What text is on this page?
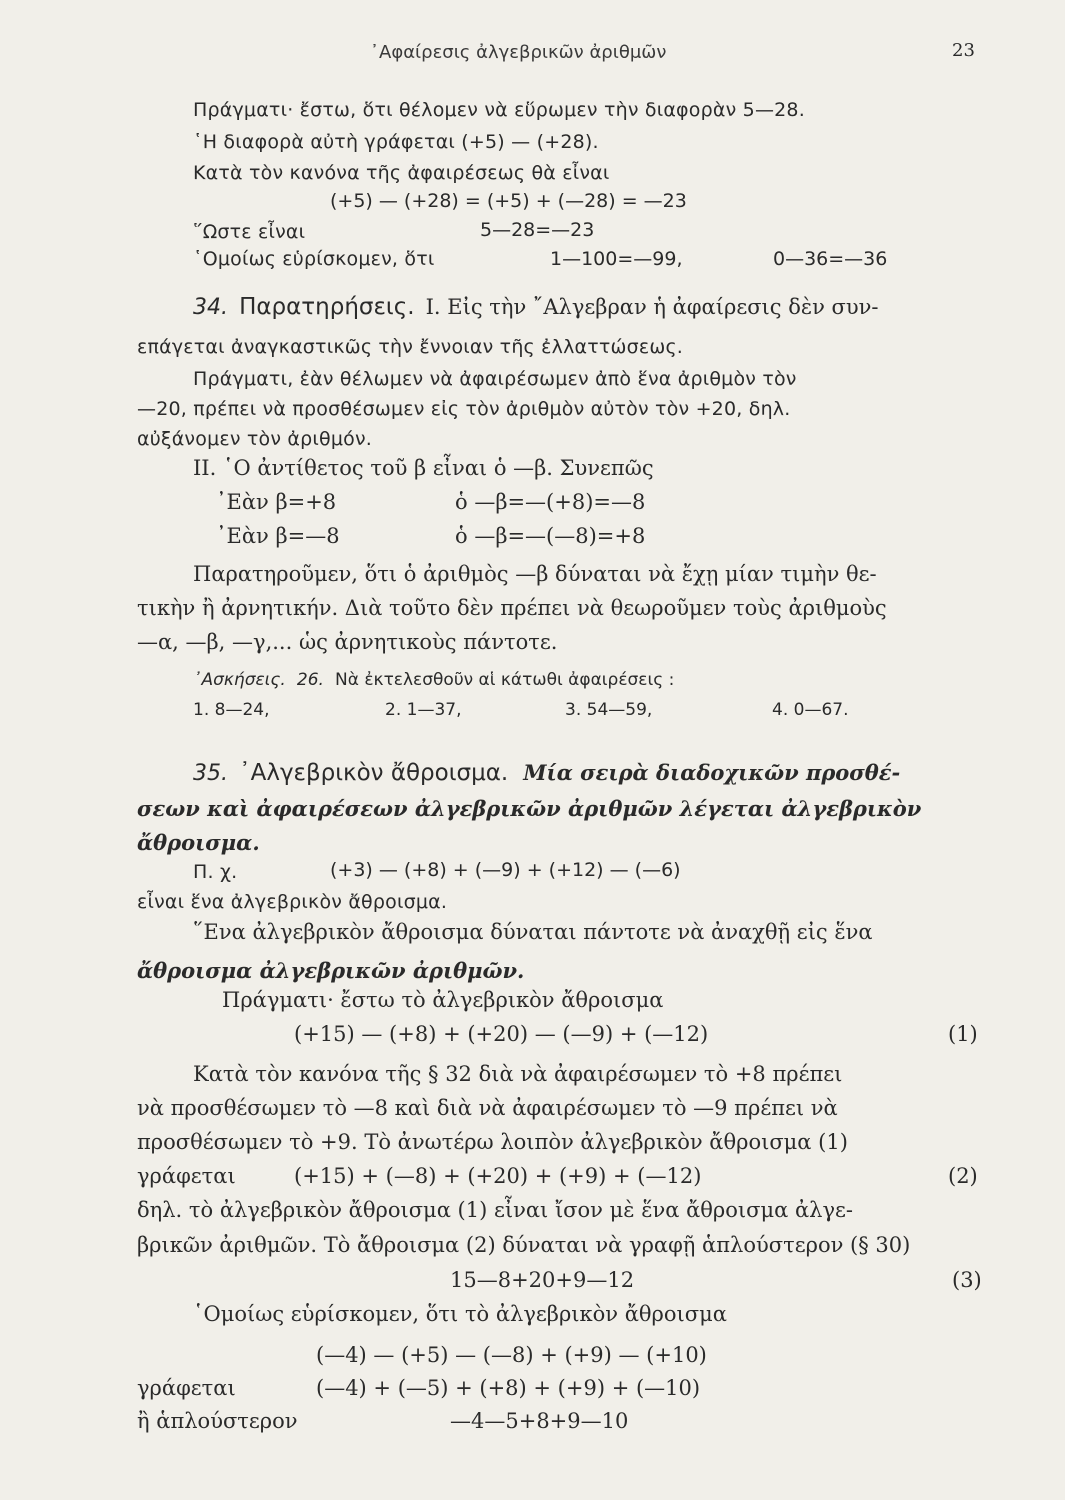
᾿Αφαίρεσις ἀλγεβρικῶν ἀριθμῶν	23
Πράγματι· ἔστω, ὅτι θέλομεν νὰ εὕρωμεν τὴν διαφορὰν 5—28.
῾Η διαφορὰ αὐτὴ γράφεται (+5) — (+28).
Κατὰ τὸν κανόνα τῆς ἀφαιρέσεως θὰ εἶναι
(+5) — (+28) = (+5) + (—28) = —23
῞Ωστε εἶναι	5—28=—23
῾Ομοίως εὑρίσκομεν, ὅτι	1—100=—99,	0—36=—36
34. Παρατηρήσεις. Ι. Εἰς τὴν ῎Αλγεβραν ἡ ἀφαίρεσις δὲν συν-
επάγεται ἀναγκαστικῶς τὴν ἔννοιαν τῆς ἐλλαττώσεως.
Πράγματι, ἐὰν θέλωμεν νὰ ἀφαιρέσωμεν ἀπὸ ἕνα ἀριθμὸν τὸν
—20, πρέπει νὰ προσθέσωμεν εἰς τὸν ἀριθμὸν αὐτὸν τὸν +20, δηλ.
αὐξάνομεν τὸν ἀριθμόν.
ΙΙ. ῾Ο ἀντίθετος τοῦ β εἶναι ὁ —β. Συνεπῶς
᾿Εὰν β=+8	ὁ —β=—(+8)=—8
᾿Εὰν β=—8	ὁ —β=—(—8)=+8
Παρατηροῦμεν, ὅτι ὁ ἀριθμὸς —β δύναται νὰ ἔχῃ μίαν τιμὴν θε-
τικὴν ἢ ἀρνητικήν. Διὰ τοῦτο δὲν πρέπει νὰ θεωροῦμεν τοὺς ἀριθμοὺς
—α, —β, —γ,... ὡς ἀρνητικοὺς πάντοτε.
᾿Ασκήσεις. 26. Νὰ ἐκτελεσθοῦν αἱ κάτωθι ἀφαιρέσεις :
1. 8—24,	2. 1—37,	3. 54—59,	4. 0—67.
35. ᾿Αλγεβρικὸν ἄθροισμα. Μία σειρὰ διαδοχικῶν προσθέ-
σεων καὶ ἀφαιρέσεων ἀλγεβρικῶν ἀριθμῶν λέγεται ἀλγεβρικὸν
ἄθροισμα.
Π. χ.	(+3) — (+8) + (—9) + (+12) — (—6)
εἶναι ἕνα ἀλγεβρικὸν ἄθροισμα.
῞Ενα ἀλγεβρικὸν ἄθροισμα δύναται πάντοτε νὰ ἀναχθῇ εἰς ἕνα
ἄθροισμα ἀλγεβρικῶν ἀριθμῶν.
Πράγματι· ἔστω τὸ ἀλγεβρικὸν ἄθροισμα
(+15) — (+8) + (+20) — (—9) + (—12)	(1)
Κατὰ τὸν κανόνα τῆς § 32 διὰ νὰ ἀφαιρέσωμεν τὸ +8 πρέπει
νὰ προσθέσωμεν τὸ —8 καὶ διὰ νὰ ἀφαιρέσωμεν τὸ —9 πρέπει νὰ
προσθέσωμεν τὸ +9. Τὸ ἀνωτέρω λοιπὸν ἀλγεβρικὸν ἄθροισμα (1)
γράφεται	(+15) + (—8) + (+20) + (+9) + (—12)	(2)
δηλ. τὸ ἀλγεβρικὸν ἄθροισμα (1) εἶναι ἴσον μὲ ἕνα ἄθροισμα ἀλγε-
βρικῶν ἀριθμῶν. Τὸ ἄθροισμα (2) δύναται νὰ γραφῇ ἁπλούστερον (§ 30)
15—8+20+9—12	(3)
῾Ομοίως εὑρίσκομεν, ὅτι τὸ ἀλγεβρικὸν ἄθροισμα
(—4) — (+5) — (—8) + (+9) — (+10)
γράφεται	(—4) + (—5) + (+8) + (+9) + (—10)
ἢ ἁπλούστερον	—4—5+8+9—10
